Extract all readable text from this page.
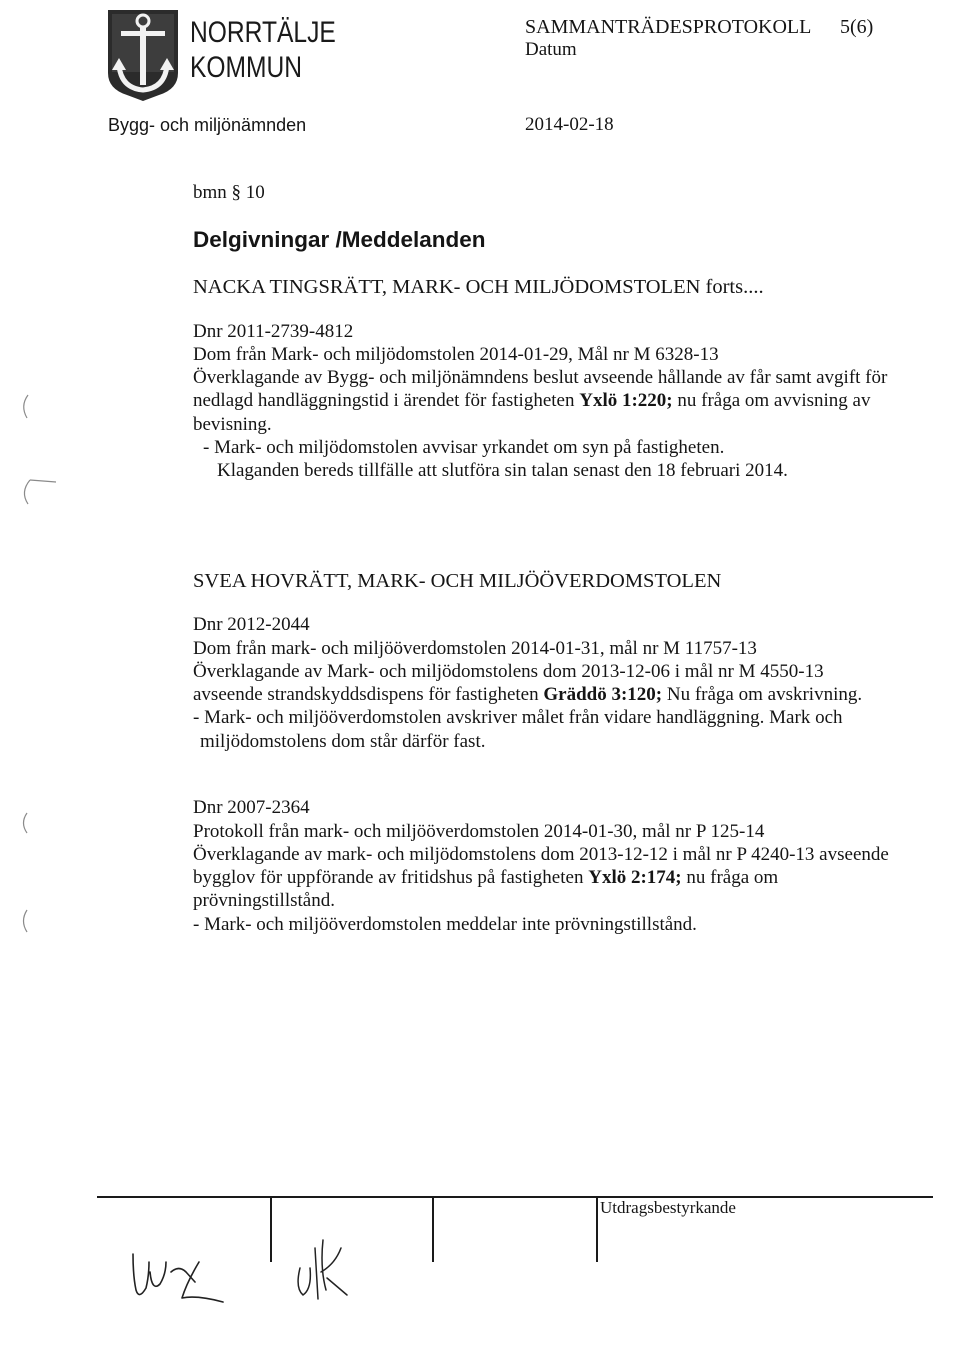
NORRTÄLJE
KOMMUN
SAMMANTRÄDESPROTOKOLL 5(6)
Datum
Bygg- och miljönämnden	2014-02-18
bmn § 10
Delgivningar /Meddelanden
NACKA TINGSRÄTT, MARK- OCH MILJÖDOMSTOLEN forts....
Dnr 2011-2739-4812
Dom från Mark- och miljödomstolen 2014-01-29, Mål nr M 6328-13
Överklagande av Bygg- och miljönämndens beslut avseende hållande av får samt avgift för
nedlagd handläggningstid i ärendet för fastigheten Yxlö 1:220; nu fråga om avvisning av
bevisning.
- Mark- och miljödomstolen avvisar yrkandet om syn på fastigheten.
Klaganden bereds tillfälle att slutföra sin talan senast den 18 februari 2014.
SVEA HOVRÄTT, MARK- OCH MILJÖÖVERDOMSTOLEN
Dnr 2012-2044
Dom från mark- och miljööverdomstolen 2014-01-31, mål nr M 11757-13
Överklagande av Mark- och miljödomstolens dom 2013-12-06 i mål nr M 4550-13
avseende strandskyddsdispens för fastigheten Gräddö 3:120; Nu fråga om avskrivning.
- Mark- och miljööverdomstolen avskriver målet från vidare handläggning. Mark och
miljödomstolens dom står därför fast.
Dnr 2007-2364
Protokoll från mark- och miljööverdomstolen 2014-01-30, mål nr P 125-14
Överklagande av mark- och miljödomstolens dom 2013-12-12 i mål nr P 4240-13 avseende
bygglov för uppförande av fritidshus på fastigheten Yxlö 2:174; nu fråga om
prövningstillstånd.
- Mark- och miljööverdomstolen meddelar inte prövningstillstånd.
Utdragsbestyrkande
